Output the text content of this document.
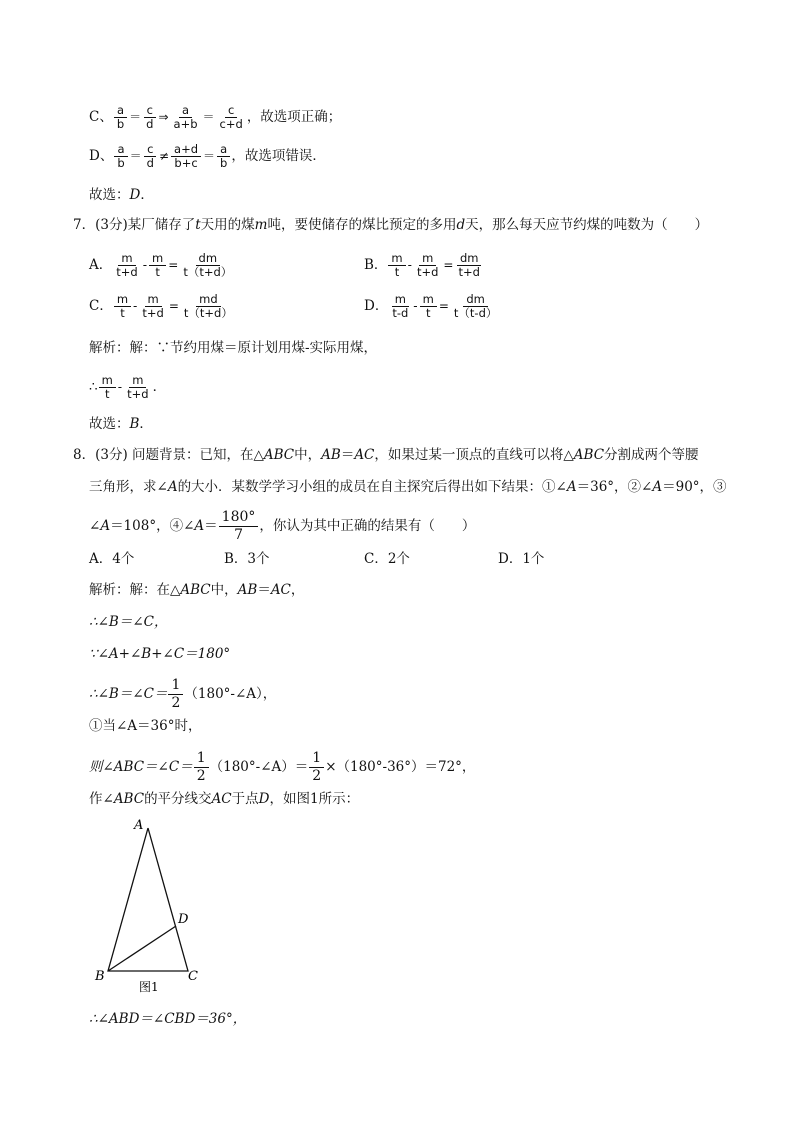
C、 $\frac{a}{b} = \frac{c}{d}$ ⇒ $\frac{a}{a+b} = \frac{c}{c+d}$ ，故选项正确；
D、 $\frac{a}{b} = \frac{c}{d} \ne \frac{a+d}{b+c} = \frac{a}{b}$ ，故选项错误．
故选：D．
7．(3分)某厂储存了t天用的煤m吨，要使储存的煤比预定的多用d天，那么每天应节约煤的吨数为（　　）
A． $\frac{m}{t+d} - \frac{m}{t} = \frac{dm}{t(t+d)}$	B． $\frac{m}{t} - \frac{m}{t+d} = \frac{dm}{t+d}$
C． $\frac{m}{t} - \frac{m}{t+d} = \frac{md}{t(t+d)}$	D． $\frac{m}{t-d} - \frac{m}{t} = \frac{dm}{t(t-d)}$
解析：解：∵节约用煤＝原计划用煤-实际用煤，
∴ $\frac{m}{t} - \frac{m}{t+d}$ ．
故选：B．
8．(3分) 问题背景：已知，在△ABC中，AB＝AC，如果过某一顶点的直线可以将△ABC分割成两个等腰
三角形，求∠A的大小．某数学学习小组的成员在自主探究后得出如下结果：①∠A＝36°，②∠A＝90°，③
∠A＝108°，④∠A＝ $\frac{180^\circ}{7}$ ，你认为其中正确的结果有（　　）
A．4个	B．3个	C．2个	D．1个
解析：解：在△ABC中，AB＝AC，
∴∠B＝∠C，
∵∠A+∠B+∠C＝180°
∴∠B＝∠C＝ $\frac{1}{2}$ （180°-∠A），
①当∠A＝36°时，
则∠ABC＝∠C＝ $\frac{1}{2}$ （180°-∠A）＝ $\frac{1}{2} \times(180^\circ-36^\circ)=72^\circ$，
作∠ABC的平分线交AC于点D，如图1所示：
A
B	C
D
图1
∴∠ABD＝∠CBD＝36°，
